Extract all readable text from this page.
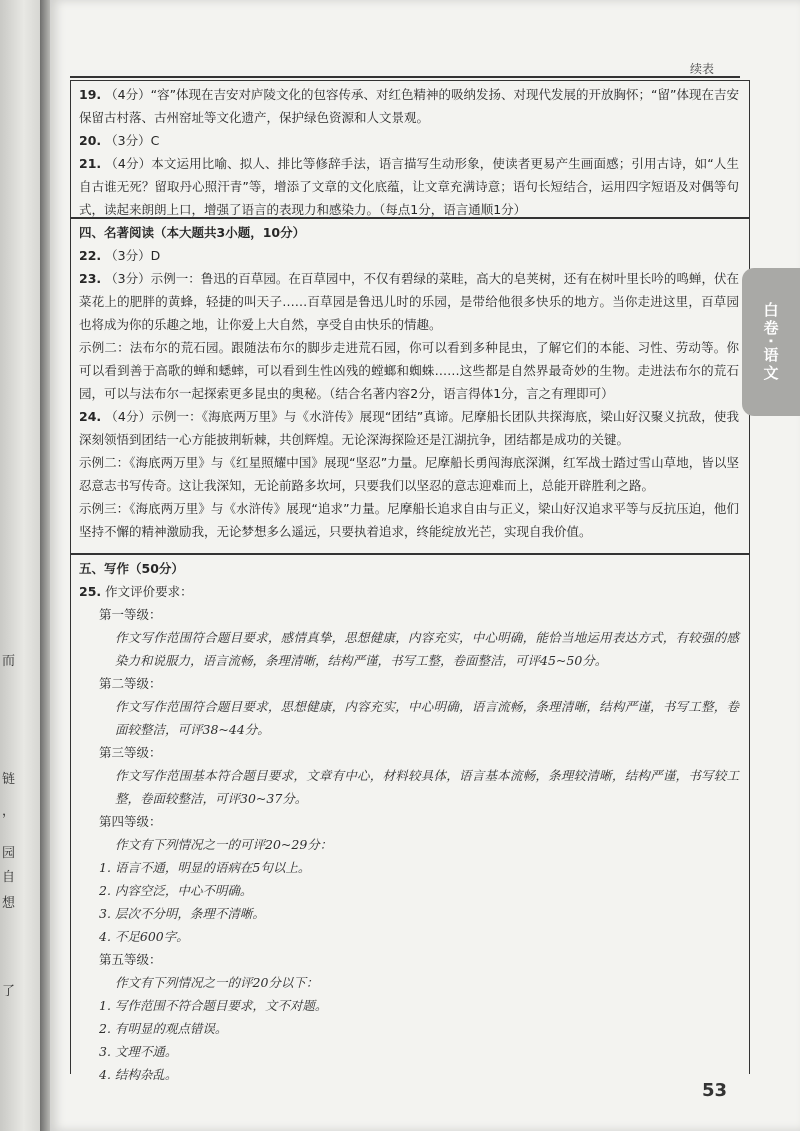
而
链
，
园
自
想
了
续表

19. （4分）“容”体现在吉安对庐陵文化的包容传承、对红色精神的吸纳发扬、对现代发展的开放胸怀；“留”体现在吉安保留古村落、古州窑址等文化遗产，保护绿色资源和人文景观。

20. （3分）C

21. （4分）本文运用比喻、拟人、排比等修辞手法，语言描写生动形象，使读者更易产生画面感；引用古诗，如“人生自古谁无死？留取丹心照汗青”等，增添了文章的文化底蕴，让文章充满诗意；语句长短结合，运用四字短语及对偶等句式，读起来朗朗上口，增强了语言的表现力和感染力。（每点1分，语言通顺1分）

四、名著阅读（本大题共3小题，10分）

22. （3分）D

23. （3分）示例一：鲁迅的百草园。在百草园中，不仅有碧绿的菜畦，高大的皂荚树，还有在树叶里长吟的鸣蝉，伏在菜花上的肥胖的黄蜂，轻捷的叫天子……百草园是鲁迅儿时的乐园，是带给他很多快乐的地方。当你走进这里，百草园也将成为你的乐趣之地，让你爱上大自然，享受自由快乐的情趣。

示例二：法布尔的荒石园。跟随法布尔的脚步走进荒石园，你可以看到多种昆虫，了解它们的本能、习性、劳动等。你可以看到善于高歌的蝉和蟋蟀，可以看到生性凶残的螳螂和蜘蛛……这些都是自然界最奇妙的生物。走进法布尔的荒石园，可以与法布尔一起探索更多昆虫的奥秘。（结合名著内容2分，语言得体1分，言之有理即可）

24. （4分）示例一：《海底两万里》与《水浒传》展现“团结”真谛。尼摩船长团队共探海底，梁山好汉聚义抗敌，使我深刻领悟到团结一心方能披荆斩棘，共创辉煌。无论深海探险还是江湖抗争，团结都是成功的关键。

示例二：《海底两万里》与《红星照耀中国》展现“坚忍”力量。尼摩船长勇闯海底深渊，红军战士踏过雪山草地，皆以坚忍意志书写传奇。这让我深知，无论前路多坎坷，只要我们以坚忍的意志迎难而上，总能开辟胜利之路。

示例三：《海底两万里》与《水浒传》展现“追求”力量。尼摩船长追求自由与正义，梁山好汉追求平等与反抗压迫，他们坚持不懈的精神激励我，无论梦想多么遥远，只要执着追求，终能绽放光芒，实现自我价值。

五、写作（50分）

25. 作文评价要求：

第一等级：

作文写作范围符合题目要求，感情真挚，思想健康，内容充实，中心明确，能恰当地运用表达方式，有较强的感染力和说服力，语言流畅，条理清晰，结构严谨，书写工整，卷面整洁，可评45~50分。

第二等级：

作文写作范围符合题目要求，思想健康，内容充实，中心明确，语言流畅，条理清晰，结构严谨，书写工整，卷面较整洁，可评38~44分。

第三等级：

作文写作范围基本符合题目要求，文章有中心，材料较具体，语言基本流畅，条理较清晰，结构严谨，书写较工整，卷面较整洁，可评30~37分。

第四等级：

作文有下列情况之一的可评20~29分：

1. 语言不通，明显的语病在5句以上。

2. 内容空泛，中心不明确。

3. 层次不分明，条理不清晰。

4. 不足600字。

第五等级：

作文有下列情况之一的评20分以下：

1. 写作范围不符合题目要求，文不对题。

2. 有明显的观点错误。

3. 文理不通。

4. 结构杂乱。

白卷·语文
53
